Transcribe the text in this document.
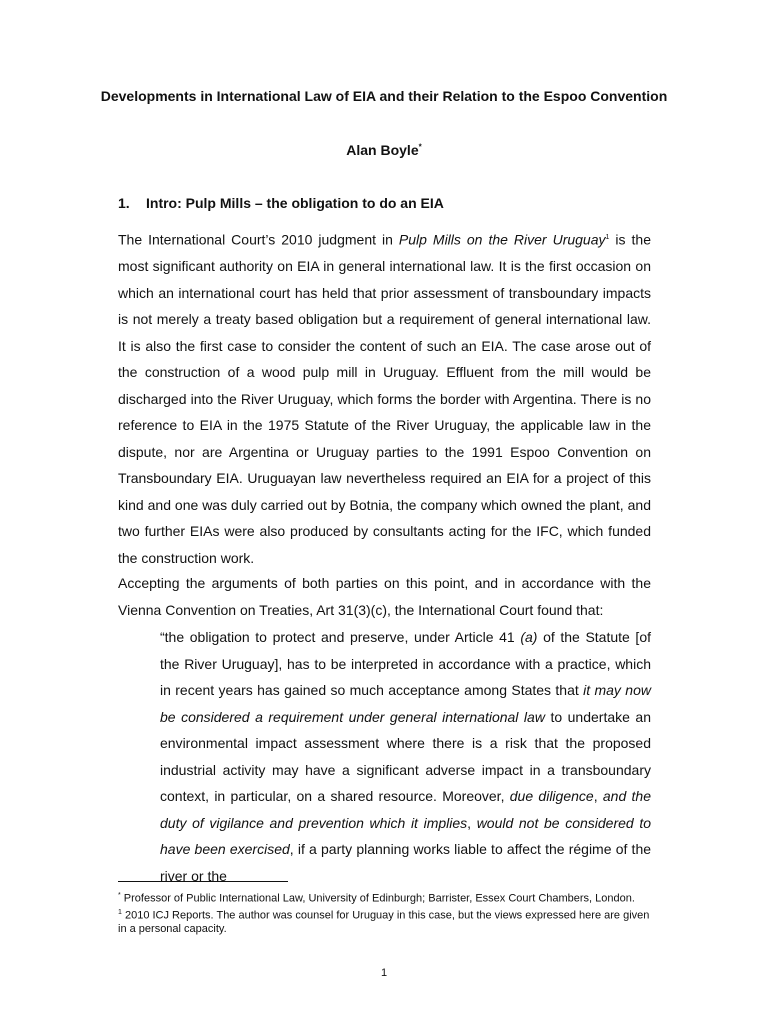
Developments in International Law of EIA and their Relation to the Espoo Convention
Alan Boyle*
1. Intro: Pulp Mills – the obligation to do an EIA

The International Court’s 2010 judgment in Pulp Mills on the River Uruguay$^1$ is the most significant authority on EIA in general international law. It is the first occasion on which an international court has held that prior assessment of transboundary impacts is not merely a treaty based obligation but a requirement of general international law. It is also the first case to consider the content of such an EIA. The case arose out of the construction of a wood pulp mill in Uruguay. Effluent from the mill would be discharged into the River Uruguay, which forms the border with Argentina. There is no reference to EIA in the 1975 Statute of the River Uruguay, the applicable law in the dispute, nor are Argentina or Uruguay parties to the 1991 Espoo Convention on Transboundary EIA. Uruguayan law nevertheless required an EIA for a project of this kind and one was duly carried out by Botnia, the company which owned the plant, and two further EIAs were also produced by consultants acting for the IFC, which funded the construction work.

Accepting the arguments of both parties on this point, and in accordance with the Vienna Convention on Treaties, Art 31(3)(c), the International Court found that:

“the obligation to protect and preserve, under Article 41 (a) of the Statute [of the River Uruguay], has to be interpreted in accordance with a practice, which in recent years has gained so much acceptance among States that it may now be considered a requirement under general international law to undertake an environmental impact assessment where there is a risk that the proposed industrial activity may have a significant adverse impact in a transboundary context, in particular, on a shared resource. Moreover, due diligence, and the duty of vigilance and prevention which it implies, would not be considered to have been exercised, if a party planning works liable to affect the régime of the river or the

* Professor of Public International Law, University of Edinburgh; Barrister, Essex Court Chambers, London.

$^1$ 2010 ICJ Reports. The author was counsel for Uruguay in this case, but the views expressed here are given in a personal capacity.

1
